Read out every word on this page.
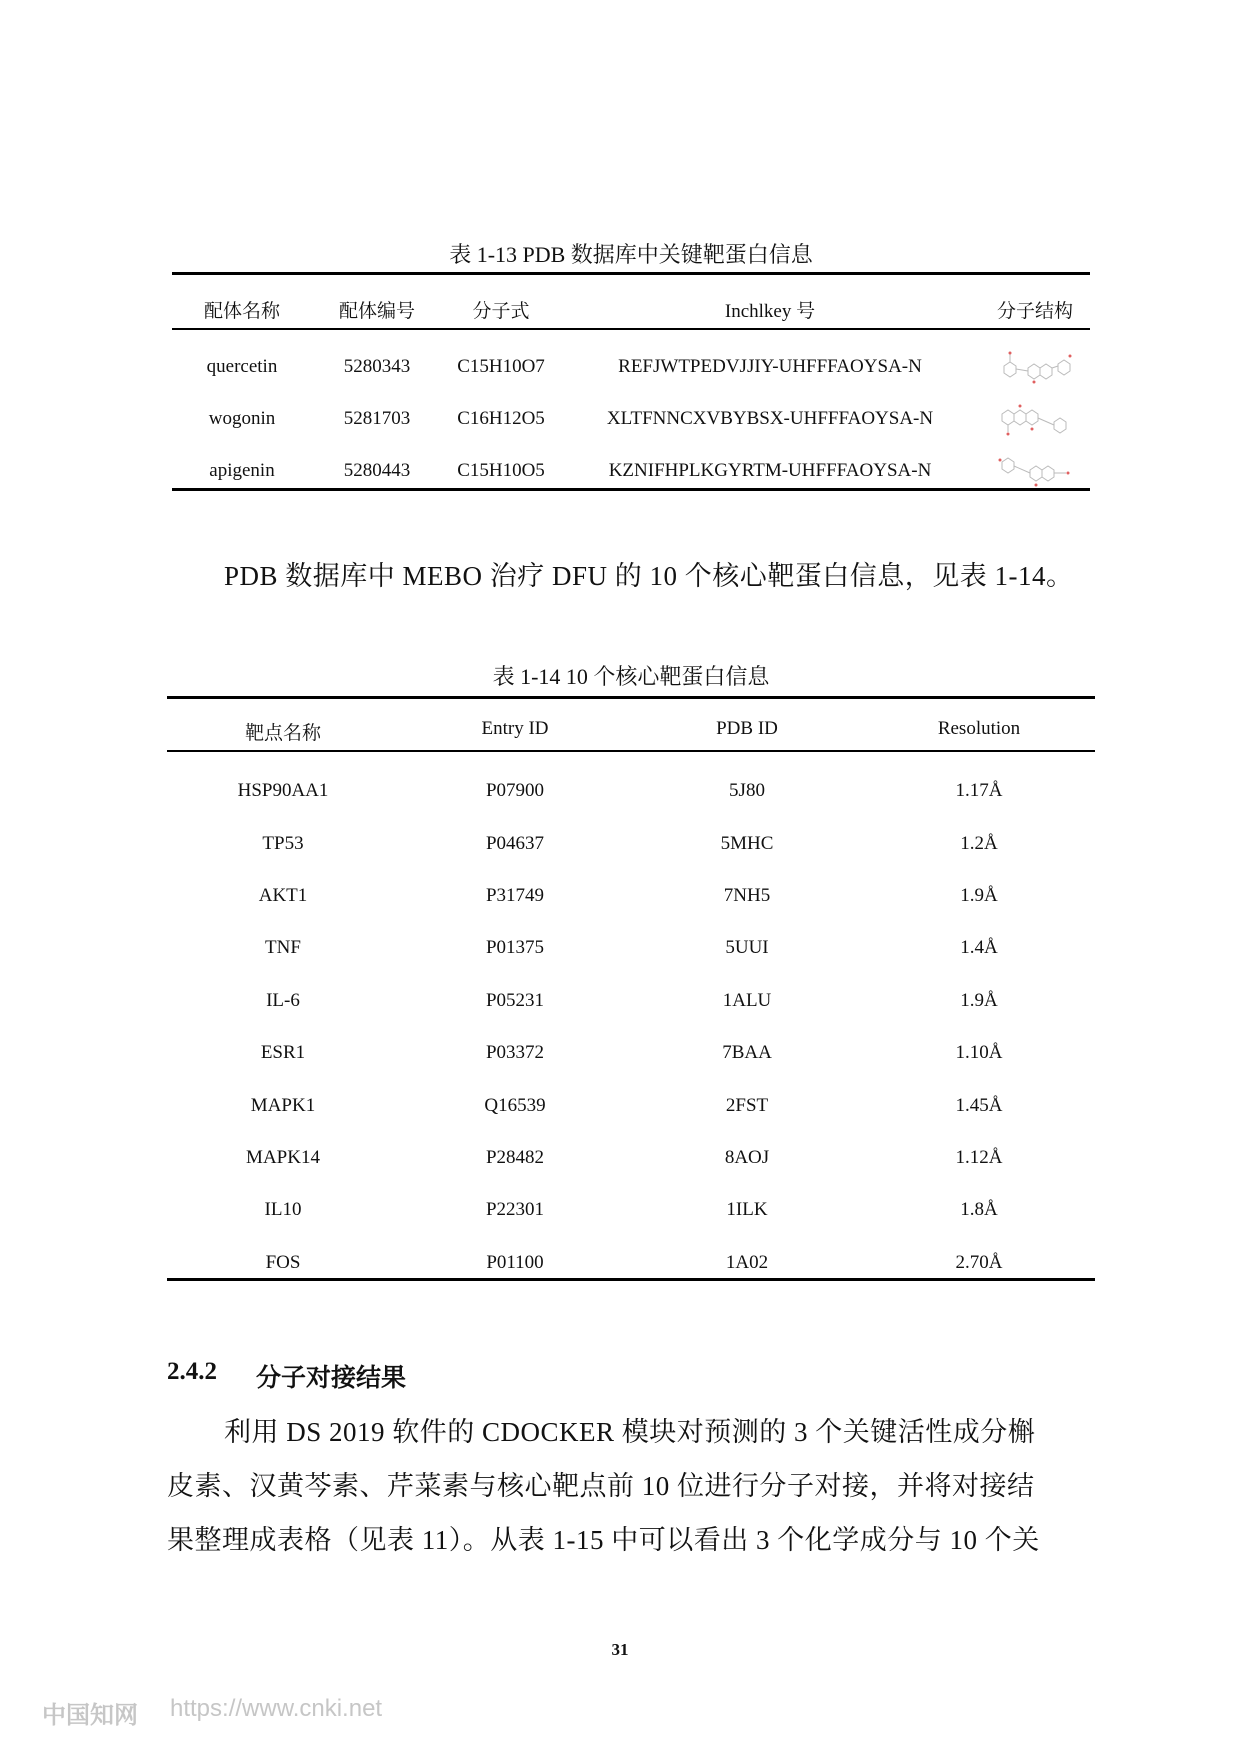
表 1-13 PDB 数据库中关键靶蛋白信息
配体名称	配体编号	分子式	Inchlkey 号	分子结构

quercetin	5280343	C15H10O7	REFJWTPEDVJJIY-UHFFFAOYSA-N	

wogonin	5281703	C16H12O5	XLTFNNCXVBYBSX-UHFFFAOYSA-N	

apigenin	5280443	C15H10O5	KZNIFHPLKGYRTM-UHFFFAOYSA-N	
PDB 数据库中 MEBO 治疗 DFU 的 10 个核心靶蛋白信息，见表 1-14。
表 1-14 10 个核心靶蛋白信息
靶点名称	Entry ID	PDB ID	Resolution

HSP90AA1	P07900	5J80	1.17Å
TP53	P04637	5MHC	1.2Å
AKT1	P31749	7NH5	1.9Å
TNF	P01375	5UUI	1.4Å
IL-6	P05231	1ALU	1.9Å
ESR1	P03372	7BAA	1.10Å
MAPK1	Q16539	2FST	1.45Å
MAPK14	P28482	8AOJ	1.12Å
IL10	P22301	1ILK	1.8Å
FOS	P01100	1A02	2.70Å
2.4.2 分子对接结果
利用 DS 2019 软件的 CDOCKER 模块对预测的 3 个关键活性成分槲
皮素、汉黄芩素、芹菜素与核心靶点前 10 位进行分子对接，并将对接结
果整理成表格（见表 11）。从表 1-15 中可以看出 3 个化学成分与 10 个关
31
中国知网 https://www.cnki.net
